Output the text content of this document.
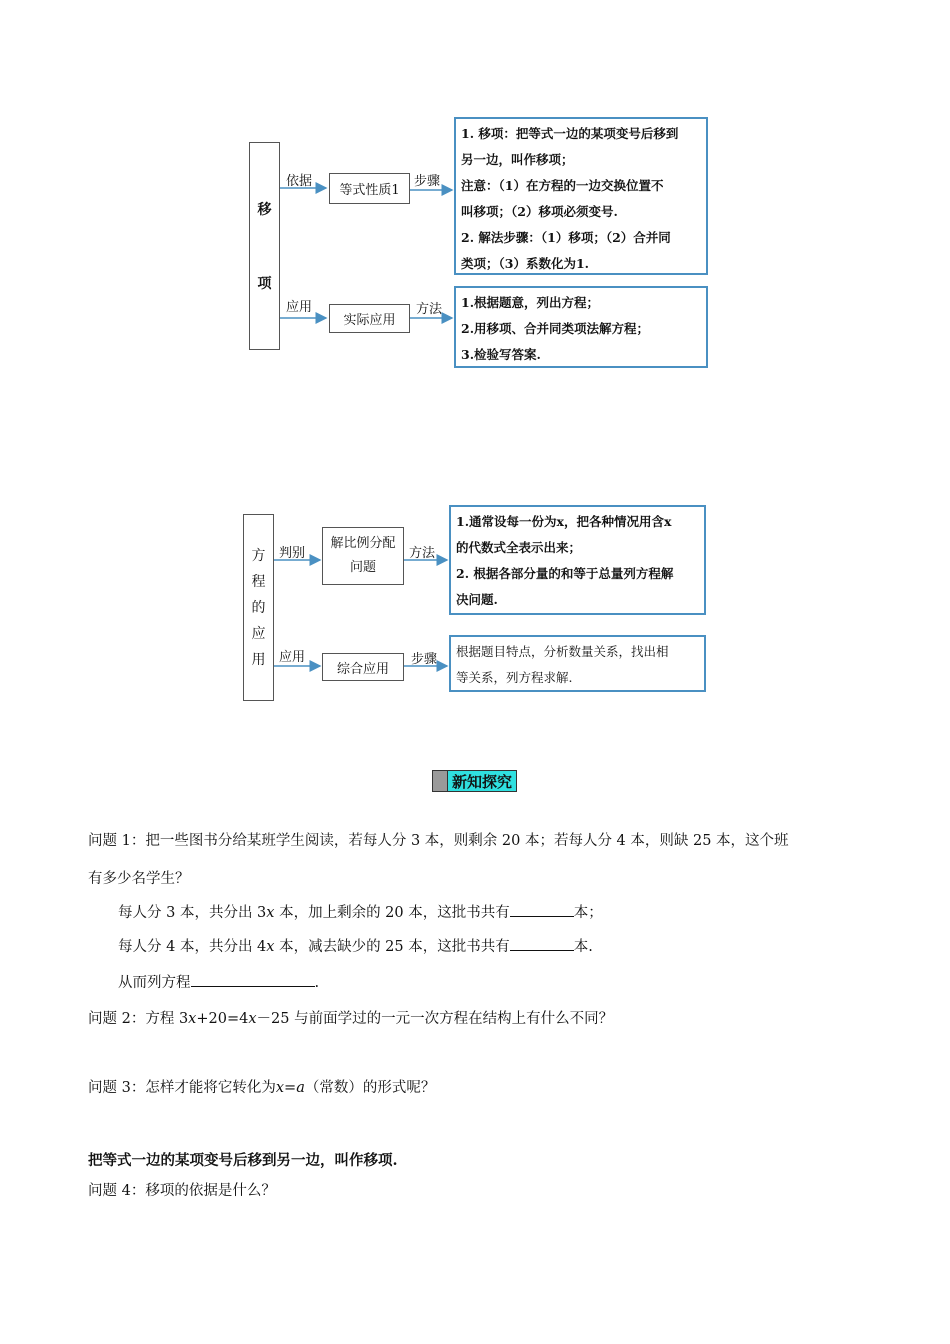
移
项
依据
等式性质1
步骤
1. 移项：把等式一边的某项变号后移到
另一边，叫作移项；
注意：（1）在方程的一边交换位置不
叫移项；（2）移项必须变号.
2. 解法步骤：（1）移项；（2）合并同
类项；（3）系数化为1.
应用
实际应用
方法 1.根据题意，列出方程；
2.用移项、合并同类项法解方程；
3.检验写答案.
方
程
的
应
用
判别
解比例分配
问题
方法
1.通常设每一份为x，把各种情况用含x
的代数式全表示出来；
2. 根据各部分量的和等于总量列方程解
决问题.
应用
综合应用
步骤
根据题目特点，分析数量关系，找出相
等关系，列方程求解.
新知探究
问题 1：把一些图书分给某班学生阅读，若每人分 3 本，则剩余 20 本；若每人分 4 本，则缺 25 本，这个班
有多少名学生？
每人分 3 本，共分出 3x 本，加上剩余的 20 本，这批书共有	本；
每人分 4 本，共分出 4x 本，减去缺少的 25 本，这批书共有	本.
从而列方程	.
问题 2：方程 3x+20=4x－25 与前面学过的一元一次方程在结构上有什么不同？
问题 3：怎样才能将它转化为x=a（常数）的形式呢？
把等式一边的某项变号后移到另一边，叫作移项.
问题 4：移项的依据是什么？
